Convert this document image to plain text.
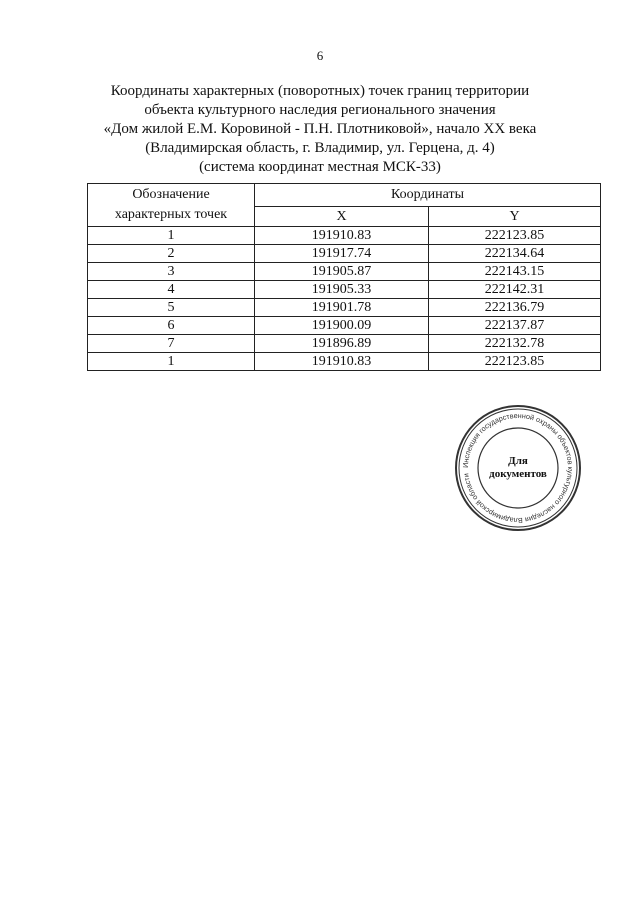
6
Координаты характерных (поворотных) точек границ территории
объекта культурного наследия регионального значения
«Дом жилой Е.М. Коровиной - П.Н. Плотниковой», начало XX века
(Владимирская область, г. Владимир, ул. Герцена, д. 4)
(система координат местная МСК-33)
Обозначение
характерных точек	Координаты	
	X	Y
1	191910.83	222123.85
2	191917.74	222134.64
3	191905.87	222143.15
4	191905.33	222142.31
5	191901.78	222136.79
6	191900.09	222137.87
7	191896.89	222132.78
1	191910.83	222123.85
Инспекция государственной охраны объектов культурного наследия Владимирской области
Для
документов
